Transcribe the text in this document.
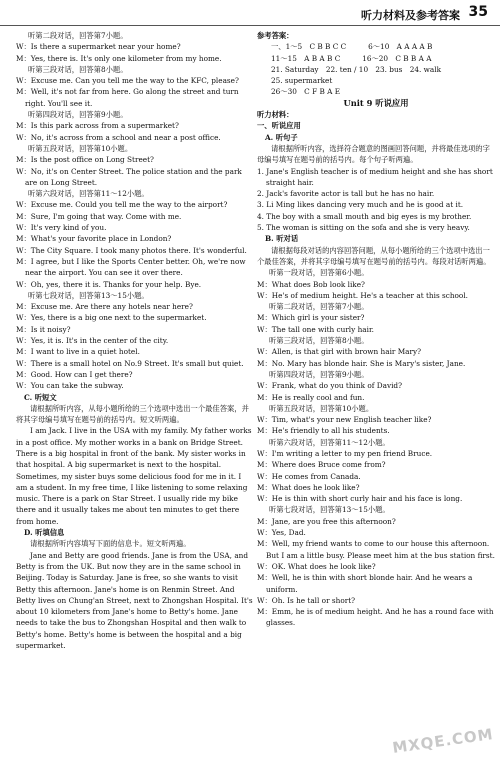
听力材料及参考答案 35

听第二段对话，回答第7小题。

W：Is there a supermarket near your home?

M：Yes, there is. It's only one kilometer from my home.

听第三段对话，回答第8小题。

W：Excuse me. Can you tell me the way to the KFC, please?

M：Well, it's not far from here. Go along the street and turn right. You'll see it.

听第四段对话，回答第9小题。

M：Is this park across from a supermarket?

W：No, it's across from a school and near a post office.

听第五段对话，回答第10小题。

M：Is the post office on Long Street?

W：No, it's on Center Street. The police station and the park are on Long Street.

听第六段对话，回答第11～12小题。

W：Excuse me. Could you tell me the way to the airport?

M：Sure, I'm going that way. Come with me.

W：It's very kind of you.

M：What's your favorite place in London?

W：The City Square. I took many photos there. It's wonderful.

M：I agree, but I like the Sports Center better. Oh, we're now near the airport. You can see it over there.

W：Oh, yes, there it is. Thanks for your help. Bye.

听第七段对话，回答第13～15小题。

M：Excuse me. Are there any hotels near here?

W：Yes, there is a big one next to the supermarket.

M：Is it noisy?

W：Yes, it is. It's in the center of the city.

M：I want to live in a quiet hotel.

W：There is a small hotel on No.9 Street. It's small but quiet.

M：Good. How can I get there?

W：You can take the subway.

C. 听短文

请根据所听内容，从每小题所给的三个选项中选出一个最佳答案，并将其字母编号填写在题号前的括号内。短文听两遍。

I am Jack. I live in the USA with my family. My father works in a post office. My mother works in a bank on Bridge Street. There is a big hospital in front of the bank. My sister works in that hospital. A big supermarket is next to the hospital. Sometimes, my sister buys some delicious food for me in it. I am a student. In my free time, I like listening to some relaxing music. There is a park on Star Street. I usually ride my bike there and it usually takes me about ten minutes to get there from home.

D. 听填信息

请根据所听内容填写下面的信息卡。短文听两遍。

Jane and Betty are good friends. Jane is from the USA, and Betty is from the UK. But now they are in the same school in Beijing. Today is Saturday. Jane is free, so she wants to visit Betty this afternoon. Jane's home is on Renmin Street. And Betty lives on Chung'an Street, next to Zhongshan Hospital. It's about 10 kilometers from Jane's home to Betty's home. Jane needs to take the bus to Zhongshan Hospital and then walk to Betty's home. Betty's home is between the hospital and a big supermarket.

参考答案：

一、1～5　C B B C C　　　6～10　A A A A B

11～15　A B A B C　　　16～20　C B B A A

21. Saturday　22. ten / 10　23. bus　24. walk

25. supermarket

26～30　C F B A E

Unit 9 听说应用

听力材料：

一、听说应用

A. 听句子

请根据所听内容，选择符合题意的图画回答问题，并将最佳选项的字母编号填写在题号前的括号内。每个句子听两遍。

1. Jane's English teacher is of medium height and she has short straight hair.

2. Jack's favorite actor is tall but he has no hair.

3. Li Ming likes dancing very much and he is good at it.

4. The boy with a small mouth and big eyes is my brother.

5. The woman is sitting on the sofa and she is very heavy.

B. 听对话

请根据每段对话的内容回答问题，从每小题所给的三个选项中选出一个最佳答案，并将其字母编号填写在题号前的括号内。每段对话听两遍。

听第一段对话，回答第6小题。

M：What does Bob look like?

W：He's of medium height. He's a teacher at this school.

听第二段对话，回答第7小题。

M：Which girl is your sister?

W：The tall one with curly hair.

听第三段对话，回答第8小题。

W：Allen, is that girl with brown hair Mary?

M：No. Mary has blonde hair. She is Mary's sister, Jane.

听第四段对话，回答第9小题。

W：Frank, what do you think of David?

M：He is really cool and fun.

听第五段对话，回答第10小题。

W：Tim, what's your new English teacher like?

M：He's friendly to all his students.

听第六段对话，回答第11～12小题。

W：I'm writing a letter to my pen friend Bruce.

M：Where does Bruce come from?

W：He comes from Canada.

M：What does he look like?

W：He is thin with short curly hair and his face is long.

听第七段对话，回答第13～15小题。

M：Jane, are you free this afternoon?

W：Yes, Dad.

M：Well, my friend wants to come to our house this afternoon. But I am a little busy. Please meet him at the bus station first.

W：OK. What does he look like?

M：Well, he is thin with short blonde hair. And he wears a uniform.

W：Oh. Is he tall or short?

M：Emm, he is of medium height. And he has a round face with glasses.

MXQE.COM
